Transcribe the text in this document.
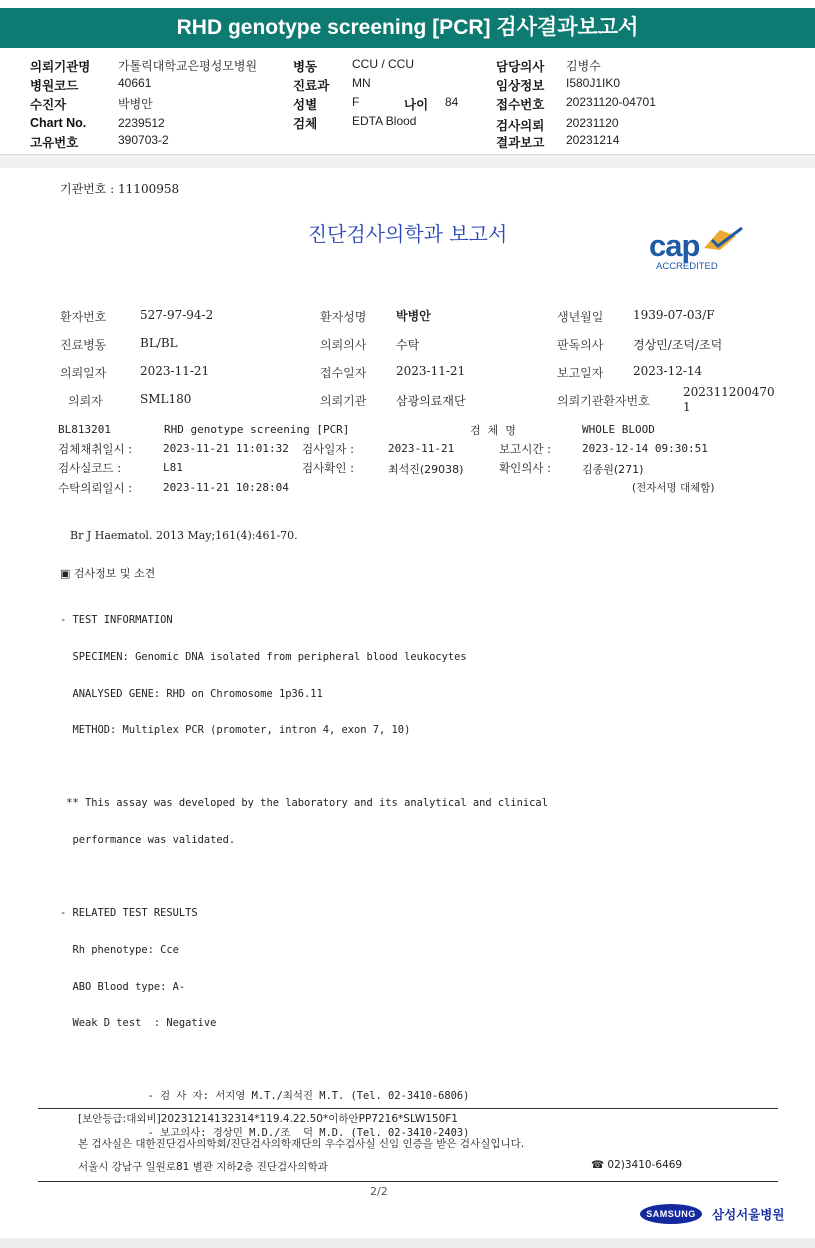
RHD genotype screening [PCR] 검사결과보고서
의뢰기관명 가톨릭대학교은평성모병원
병원코드	40661
수진자	박병안
Chart No.	2239512
고유번호	390703-2
병동	CCU / CCU
진료과 MN
성별	F	나이 84
검체	EDTA Blood
담당의사 김병수
임상정보 I580J1IK0
접수번호 20231120-04701
검사의뢰 20231120
결과보고 20231214
기관번호 : 11100958
진단검사의학과 보고서	cap
ACCREDITED
환자번호	527-97-94-2	환자성명 박병안	생년월일 1939-07-03/F
진료병동	BL/BL	의뢰의사 수탁	판독의사 경상민/조덕/조덕
의뢰일자	2023-11-21	접수일자 2023-11-21	보고일자 2023-12-14
의뢰자	SML180	의뢰기관 삼광의료재단	의뢰기관환자번호
202311200470
1
BL813201	RHD genotype screening [PCR]	검  체  명	WHOLE BLOOD
검체채취일시 :	2023-11-21 11:01:32 검사일자 :	2023-11-21	보고시간 :	2023-12-14 09:30:51
검사실코드 :	L81	검사확인 :	최석진(29038)	확인의사 :	김종원(271)
수탁의뢰일시 :	2023-11-21 10:28:04	(전자서명 대체함)
Br J Haematol. 2013 May;161(4):461-70.
▣ 검사정보 및 소견

- TEST INFORMATION

SPECIMEN: Genomic DNA isolated from peripheral blood leukocytes

ANALYSED GENE: RHD on Chromosome 1p36.11

METHOD: Multiplex PCR (promoter, intron 4, exon 7, 10)

** This assay was developed by the laboratory and its analytical and clinical

performance was validated.

- RELATED TEST RESULTS

Rh phenotype: Cce

ABO Blood type: A-

Weak D test  : Negative

- 검 사 자: 서지영 M.T./최석진 M.T. (Tel. 02-3410-6806)

- 보고의사: 경상민 M.D./조  덕 M.D. (Tel. 02-3410-2403)

[보안등급:대외비]20231214132314*119.4.22.50*이하안PP7216*SLW150F1
본 검사실은 대한진단검사의학회/진단검사의학재단의 우수검사실 신임 인증을 받은 검사실입니다.
서울시 강남구 일원로81 별관 지하2층 진단검사의학과	☎ 02)3410-6469
2/2
SAMSUNG	삼성서울병원
